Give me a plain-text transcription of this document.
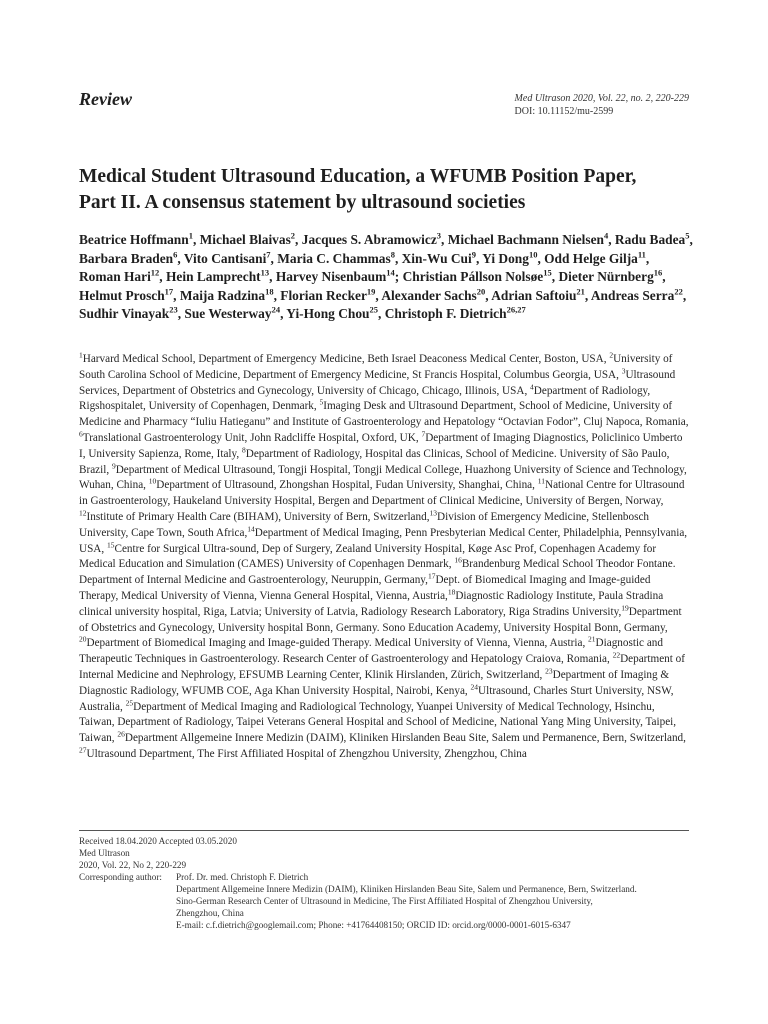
Review	Med Ultrason 2020, Vol. 22, no. 2, 220-229
DOI: 10.11152/mu-2599
Medical Student Ultrasound Education, a WFUMB Position Paper,
Part II. A consensus statement by ultrasound societies
Beatrice Hoffmann$^1$, Michael Blaivas$^2$, Jacques S. Abramowicz$^3$, Michael Bachmann Nielsen$^4$, Radu Badea$^5$, Barbara Braden$^6$, Vito Cantisani$^7$, Maria C. Chammas$^8$, Xin-Wu Cui$^9$, Yi Dong$^{10}$, Odd Helge Gilja$^{11}$, Roman Hari$^{12}$, Hein Lamprecht$^{13}$, Harvey Nisenbaum$^{14}$; Christian Pállson Nolsøe$^{15}$, Dieter Nürnberg$^{16}$, Helmut Prosch$^{17}$, Maija Radzina$^{18}$, Florian Recker$^{19}$, Alexander Sachs$^{20}$, Adrian Saftoiu$^{21}$, Andreas Serra$^{22}$, Sudhir Vinayak$^{23}$, Sue Westerway$^{24}$, Yi-Hong Chou$^{25}$, Christoph F. Dietrich$^{26,27}$
$^1$Harvard Medical School, Department of Emergency Medicine, Beth Israel Deaconess Medical Center, Boston, USA, $^2$University of South Carolina School of Medicine, Department of Emergency Medicine, St Francis Hospital, Columbus Georgia, USA, $^3$Ultrasound Services, Department of Obstetrics and Gynecology, University of Chicago, Chicago, Illinois, USA, $^4$Department of Radiology, Rigshospitalet, University of Copenhagen, Denmark, $^5$Imaging Desk and Ultrasound Department, School of Medicine, University of Medicine and Pharmacy “Iuliu Hatieganu” and Institute of Gastroenterology and Hepatology “Octavian Fodor”, Cluj Napoca, Romania, $^6$Translational Gastroenterology Unit, John Radcliffe Hospital, Oxford, UK, $^7$Department of Imaging Diagnostics, Policlinico Umberto I, University Sapienza, Rome, Italy, $^8$Department of Radiology, Hospital das Clinicas, School of Medicine. University of São Paulo, Brazil, $^9$Department of Medical Ultrasound, Tongji Hospital, Tongji Medical College, Huazhong University of Science and Technology, Wuhan, China, $^{10}$Department of Ultrasound, Zhongshan Hospital, Fudan University, Shanghai, China, $^{11}$National Centre for Ultrasound in Gastroenterology, Haukeland University Hospital, Bergen and Department of Clinical Medicine, University of Bergen, Norway, $^{12}$Institute of Primary Health Care (BIHAM), University of Bern, Switzerland,$^{13}$Division of Emergency Medicine, Stellenbosch University, Cape Town, South Africa,$^{14}$Department of Medical Imaging, Penn Presbyterian Medical Center, Philadelphia, Pennsylvania, USA, $^{15}$Centre for Surgical Ultra-sound, Dep of Surgery, Zealand University Hospital, Køge Asc Prof, Copenhagen Academy for Medical Education and Simulation (CAMES) University of Copenhagen Denmark, $^{16}$Brandenburg Medical School Theodor Fontane. Department of Internal Medicine and Gastroenterology, Neuruppin, Germany,$^{17}$Dept. of Biomedical Imaging and Image-guided Therapy, Medical University of Vienna, Vienna General Hospital, Vienna, Austria,$^{18}$Diagnostic Radiology Institute, Paula Stradina clinical university hospital, Riga, Latvia; University of Latvia, Radiology Research Laboratory, Riga Stradins University,$^{19}$Department of Obstetrics and Gynecology, University hospital Bonn, Germany. Sono Education Academy, University Hospital Bonn, Germany, $^{20}$Department of Biomedical Imaging and Image-guided Therapy. Medical University of Vienna, Vienna, Austria, $^{21}$Diagnostic and Therapeutic Techniques in Gastroenterology. Research Center of Gastroenterology and Hepatology Craiova, Romania, $^{22}$Department of Internal Medicine and Nephrology, EFSUMB Learning Center, Klinik Hirslanden, Zürich, Switzerland, $^{23}$Department of Imaging & Diagnostic Radiology, WFUMB COE, Aga Khan University Hospital, Nairobi, Kenya, $^{24}$Ultrasound, Charles Sturt University, NSW, Australia, $^{25}$Department of Medical Imaging and Radiological Technology, Yuanpei University of Medical Technology, Hsinchu, Taiwan, Department of Radiology, Taipei Veterans General Hospital and School of Medicine, National Yang Ming University, Taipei, Taiwan, $^{26}$Department Allgemeine Innere Medizin (DAIM), Kliniken Hirslanden Beau Site, Salem und Permanence, Bern, Switzerland, $^{27}$Ultrasound Department, The First Affiliated Hospital of Zhengzhou University, Zhengzhou, China
Received 18.04.2020 Accepted 03.05.2020
Med Ultrason
2020, Vol. 22, No 2, 220-229
Corresponding author:	Prof. Dr. med. Christoph F. Dietrich
Department Allgemeine Innere Medizin (DAIM), Kliniken Hirslanden Beau Site, Salem und Permanence, Bern, Switzerland.
Sino-German Research Center of Ultrasound in Medicine, The First Affiliated Hospital of Zhengzhou University,
Zhengzhou, China
E-mail: c.f.dietrich@googlemail.com; Phone: +41764408150; ORCID ID: orcid.org/0000-0001-6015-6347
